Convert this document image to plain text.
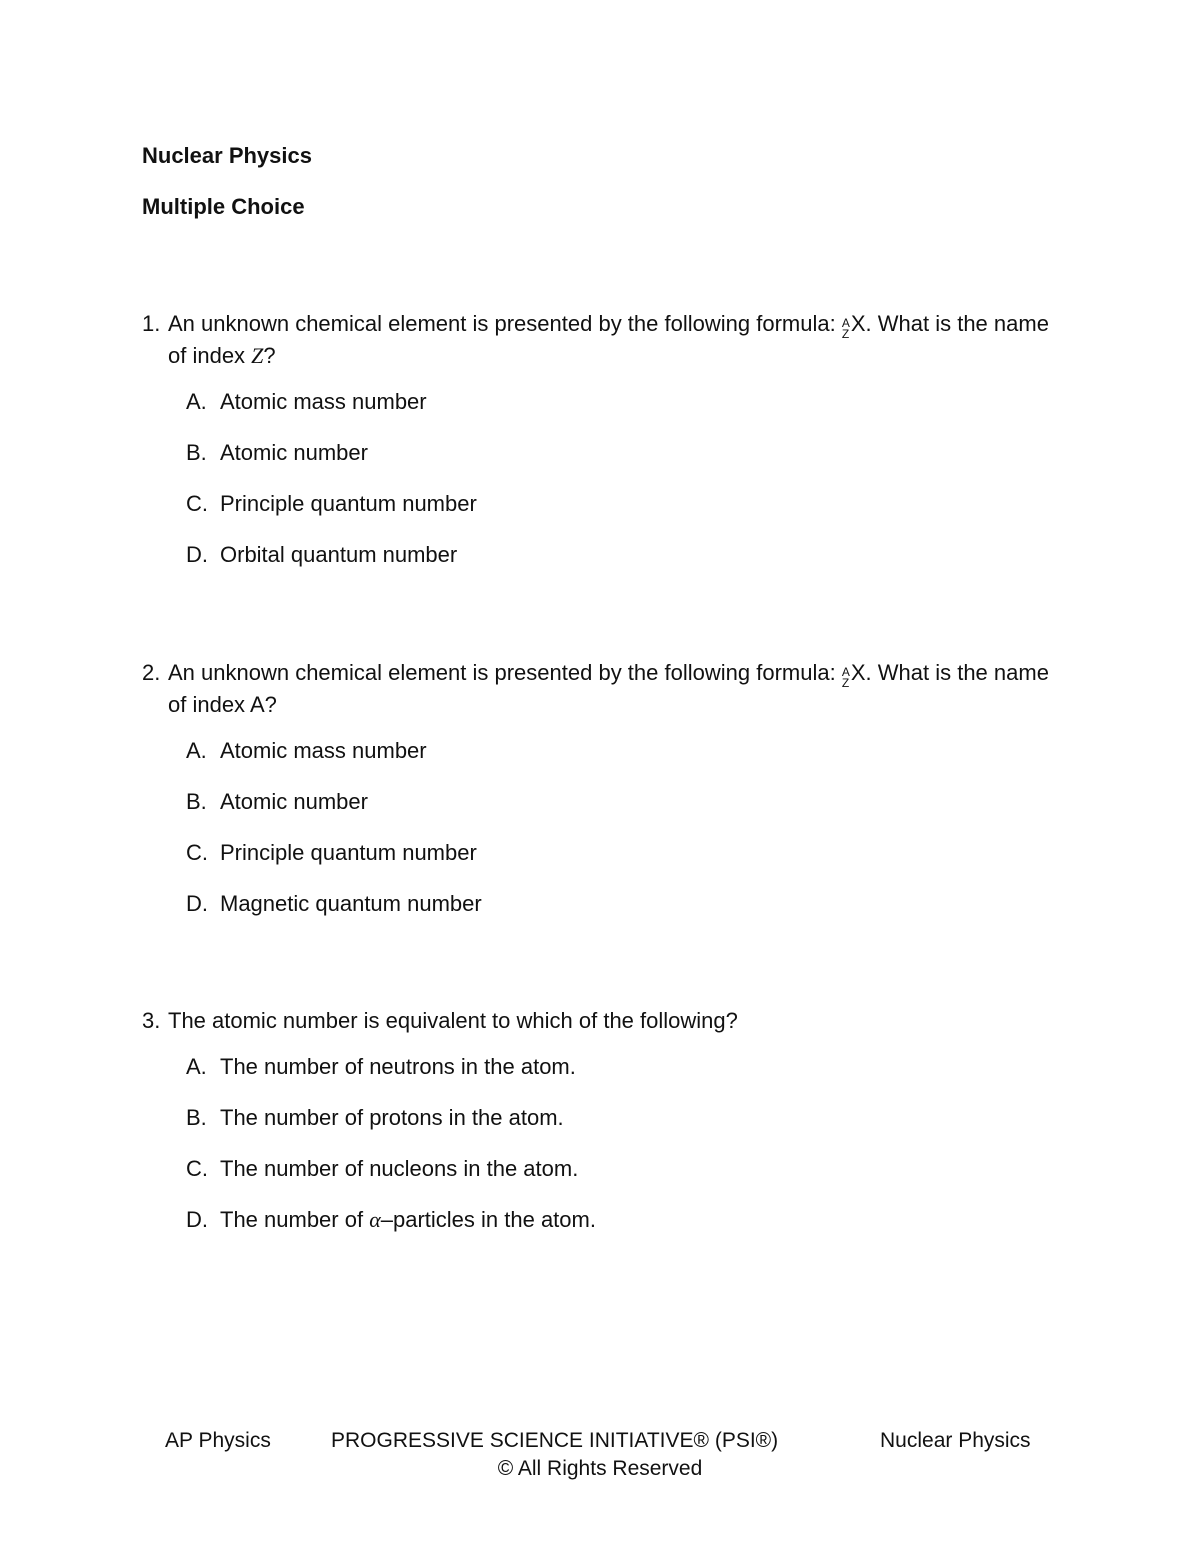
Nuclear Physics
Multiple Choice

1. An unknown chemical element is presented by the following formula: A
Z X. What is the name of index Z?

A. Atomic mass number
B. Atomic number
C. Principle quantum number
D. Orbital quantum number

2. An unknown chemical element is presented by the following formula: A
Z X. What is the name of index A?

A. Atomic mass number
B. Atomic number
C. Principle quantum number
D. Magnetic quantum number

3. The atomic number is equivalent to which of the following?

A. The number of neutrons in the atom.
B. The number of protons in the atom.
C. The number of nucleons in the atom.
D. The number of α–particles in the atom.
AP Physics	PROGRESSIVE SCIENCE INITIATIVE® (PSI®)	Nuclear Physics
© All Rights Reserved
